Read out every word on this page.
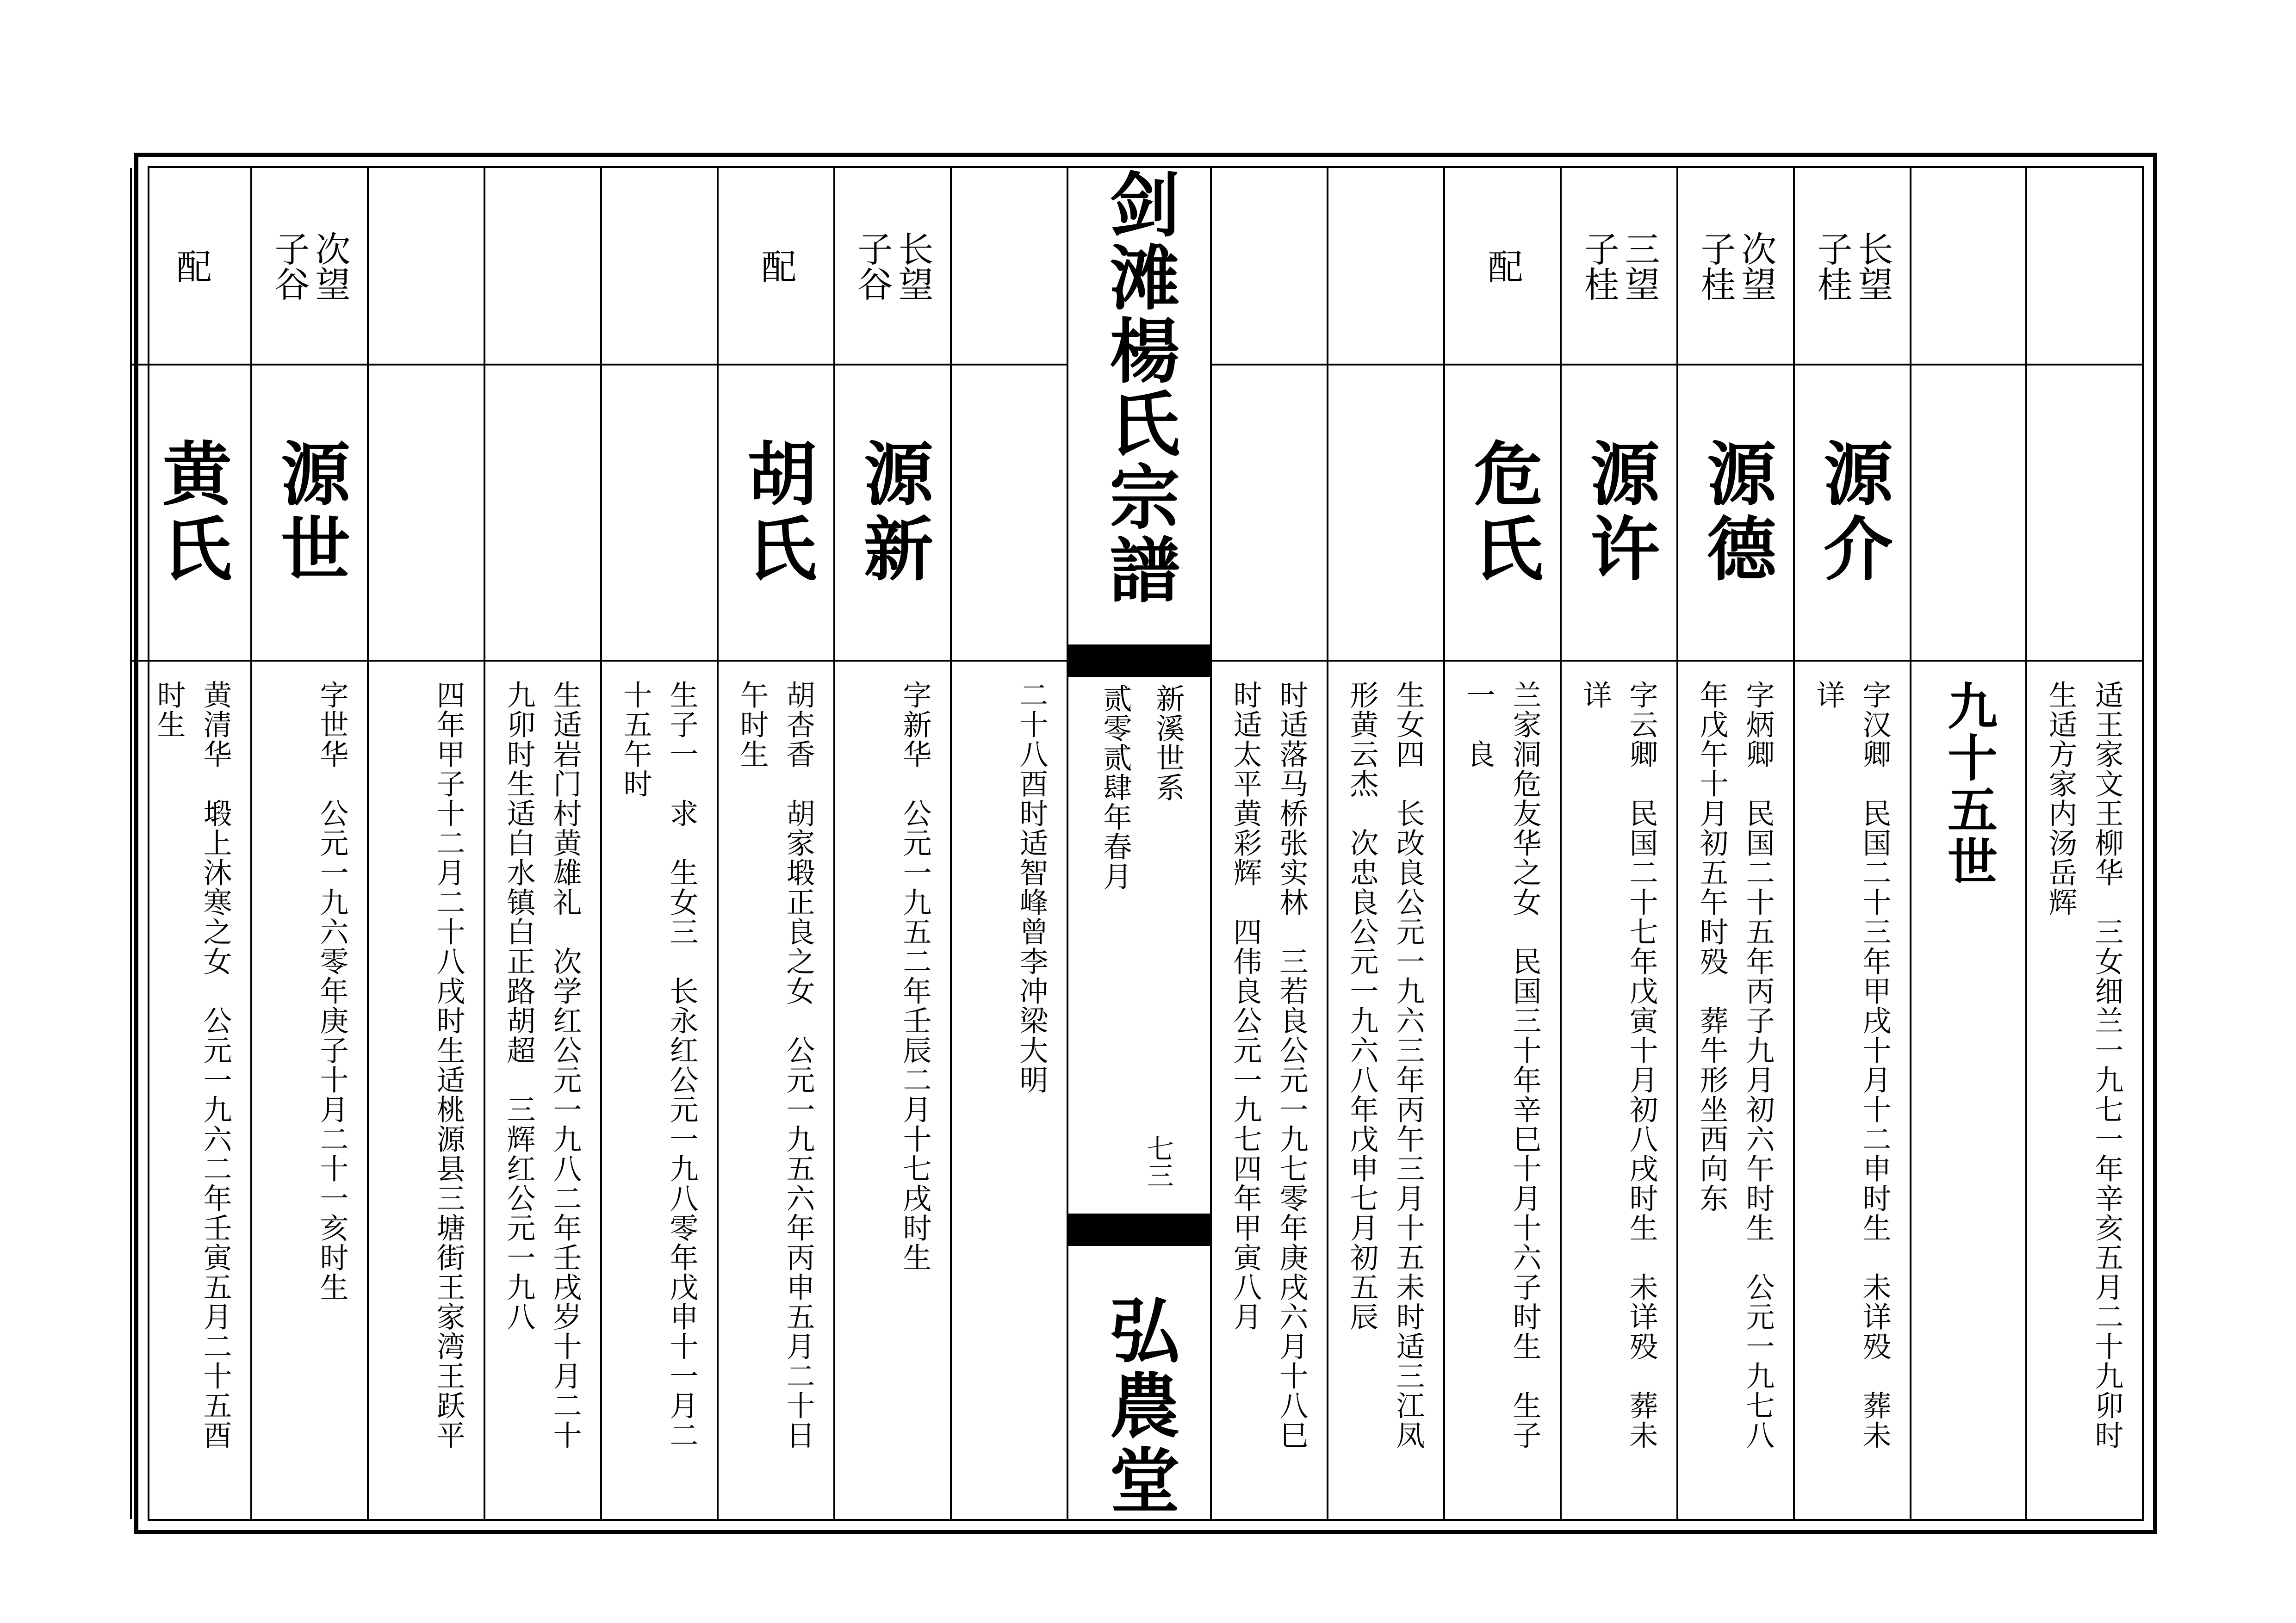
适王家文王柳华　三女细兰一九七一年辛亥五月二十九卯时生适方家内汤岳辉
九十五世
长望
子桂
源介
字汉卿　民国二十三年甲戌十月十二申时生　未详殁　葬未详
次望
子桂
源德
字炳卿　民国二十五年丙子九月初六午时生　公元一九七八年戊午十月初五午时殁　葬牛形坐西向东
三望
子桂
源许
字云卿　民国二十七年戊寅十月初八戌时生　未详殁　葬未详
配
危氏
兰家洞危友华之女　民国三十年辛巳十月十六子时生　生子一　良
生女四　长改良公元一九六三年丙午三月十五未时适三江凤形黄云杰　次忠良公元一九六八年戊申七月初五辰
时适落马桥张实林　三若良公元一九七零年庚戌六月十八巳时适太平黄彩辉　四伟良公元一九七四年甲寅八月
剑滩楊氏宗譜
新溪世系
贰零贰肆年春月
七三
弘農堂
二十八酉时适智峰曾李冲梁大明
长望
子谷
源新
字新华　公元一九五二年壬辰二月十七戌时生
配
胡氏
胡杏香　胡家塅正良之女　公元一九五六年丙申五月二十日午时生
生子一　求　生女三　长永红公元一九八零年戊申十一月二十五午时
生适岩门村黄雄礼　次学红公元一九八二年壬戌岁十月二十九卯时生适白水镇白正路胡超　三辉红公元一九八
四年甲子十二月二十八戌时生适桃源县三塘街王家湾王跃平
次望
子谷
源世
字世华　公元一九六零年庚子十月二十一亥时生
配
黄氏
黄清华　塅上沐寒之女　公元一九六二年壬寅五月二十五酉时生
